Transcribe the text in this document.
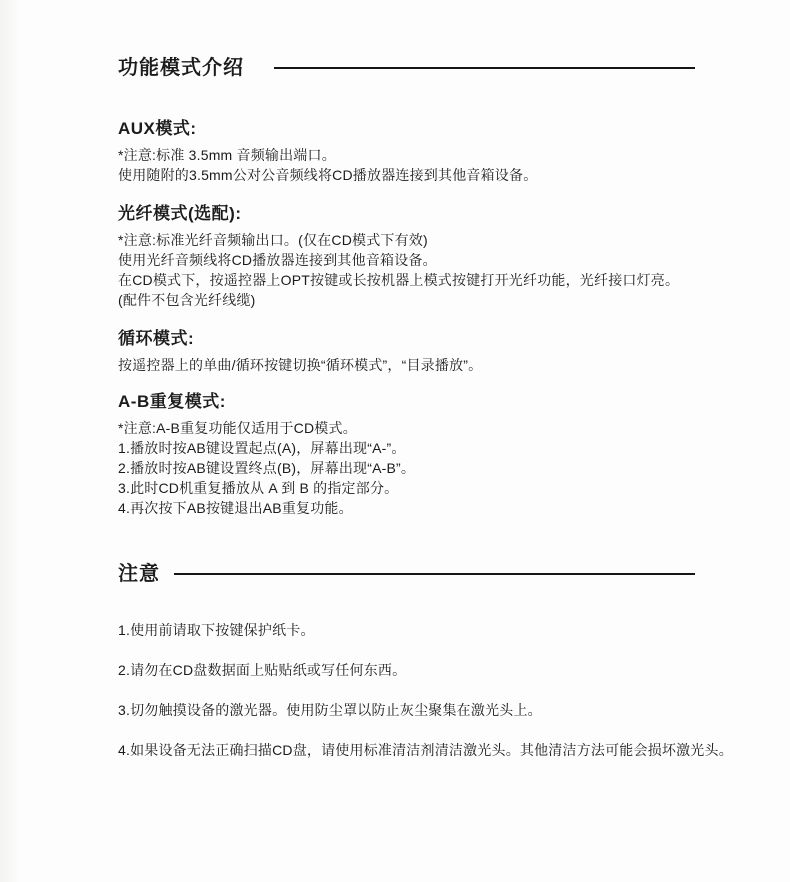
功能模式介绍
AUX模式:

*注意:标准 3.5mm 音频输出端口。

使用随附的3.5mm公对公音频线将CD播放器连接到其他音箱设备。

光纤模式(选配):

*注意:标准光纤音频输出口。(仅在CD模式下有效)

使用光纤音频线将CD播放器连接到其他音箱设备。

在CD模式下，按遥控器上OPT按键或长按机器上模式按键打开光纤功能，光纤接口灯亮。

(配件不包含光纤线缆)

循环模式:

按遥控器上的单曲/循环按键切换“循环模式”，“目录播放”。

A-B重复模式:

*注意:A-B重复功能仅适用于CD模式。

1.播放时按AB键设置起点(A)，屏幕出现“A-”。

2.播放时按AB键设置终点(B)，屏幕出现“A-B”。

3.此时CD机重复播放从 A 到 B 的指定部分。

4.再次按下AB按键退出AB重复功能。

注意
1.使用前请取下按键保护纸卡。
2.请勿在CD盘数据面上贴贴纸或写任何东西。
3.切勿触摸设备的激光器。使用防尘罩以防止灰尘聚集在激光头上。
4.如果设备无法正确扫描CD盘，请使用标准清洁剂清洁激光头。其他清洁方法可能会损坏激光头。
